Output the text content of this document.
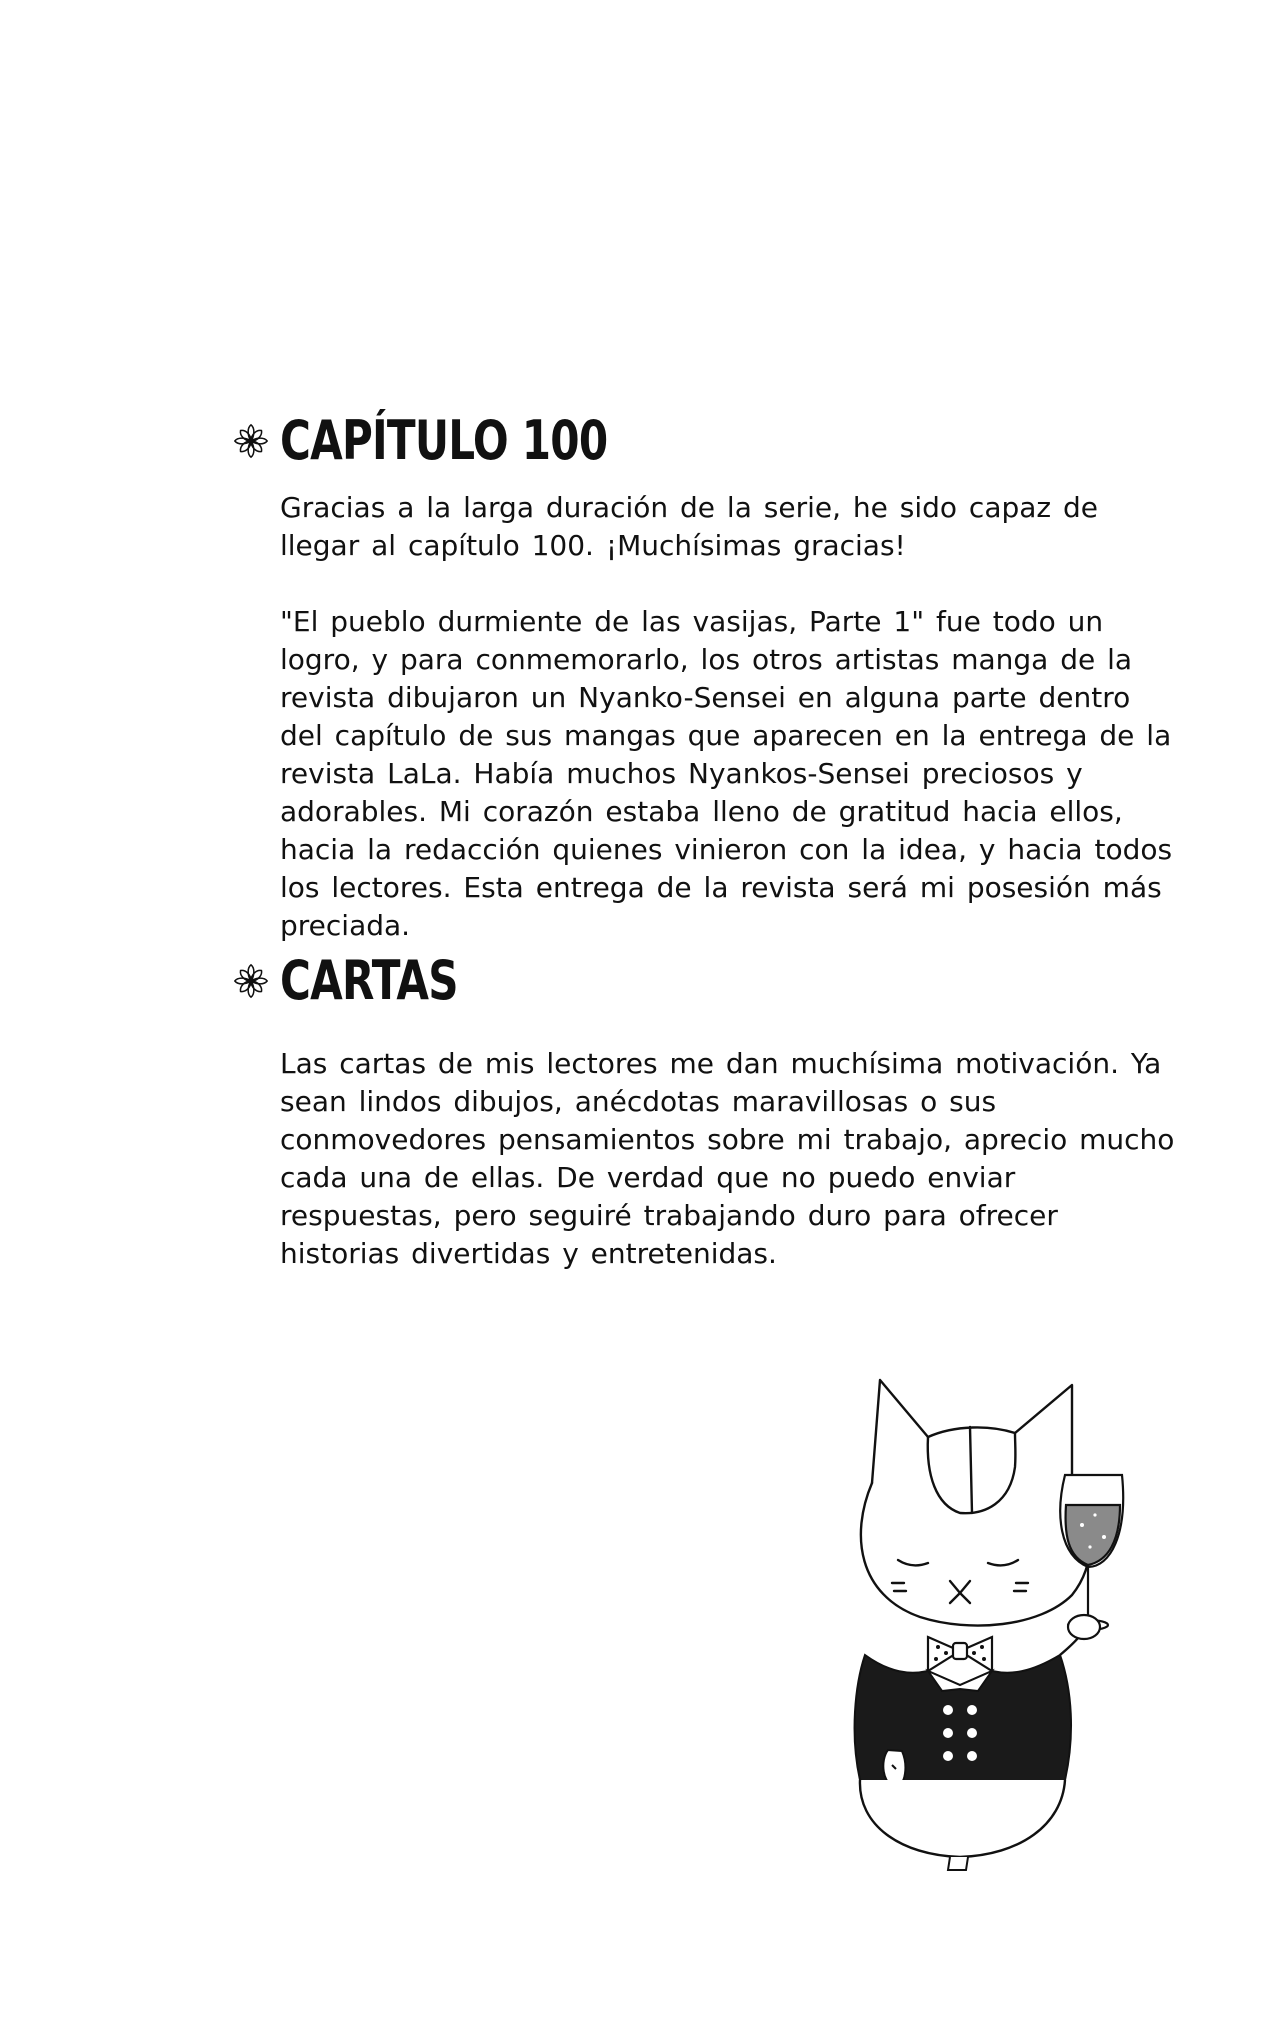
CAPÍTULO 100

Gracias a la larga duración de la serie, he sido capaz de llegar al capítulo 100. ¡Muchísimas gracias!

"El pueblo durmiente de las vasijas, Parte 1" fue todo un logro, y para conmemorarlo, los otros artistas manga de la revista dibujaron un Nyanko-Sensei en alguna parte dentro del capítulo de sus mangas que aparecen en la entrega de la revista LaLa. Había muchos Nyankos-Sensei preciosos y adorables. Mi corazón estaba lleno de gratitud hacia ellos, hacia la redacción quienes vinieron con la idea, y hacia todos los lectores. Esta entrega de la revista será mi posesión más preciada.

CARTAS

Las cartas de mis lectores me dan muchísima motivación. Ya sean lindos dibujos, anécdotas maravillosas o sus conmovedores pensamientos sobre mi trabajo, aprecio mucho cada una de ellas. De verdad que no puedo enviar respuestas, pero seguiré trabajando duro para ofrecer historias divertidas y entretenidas.
